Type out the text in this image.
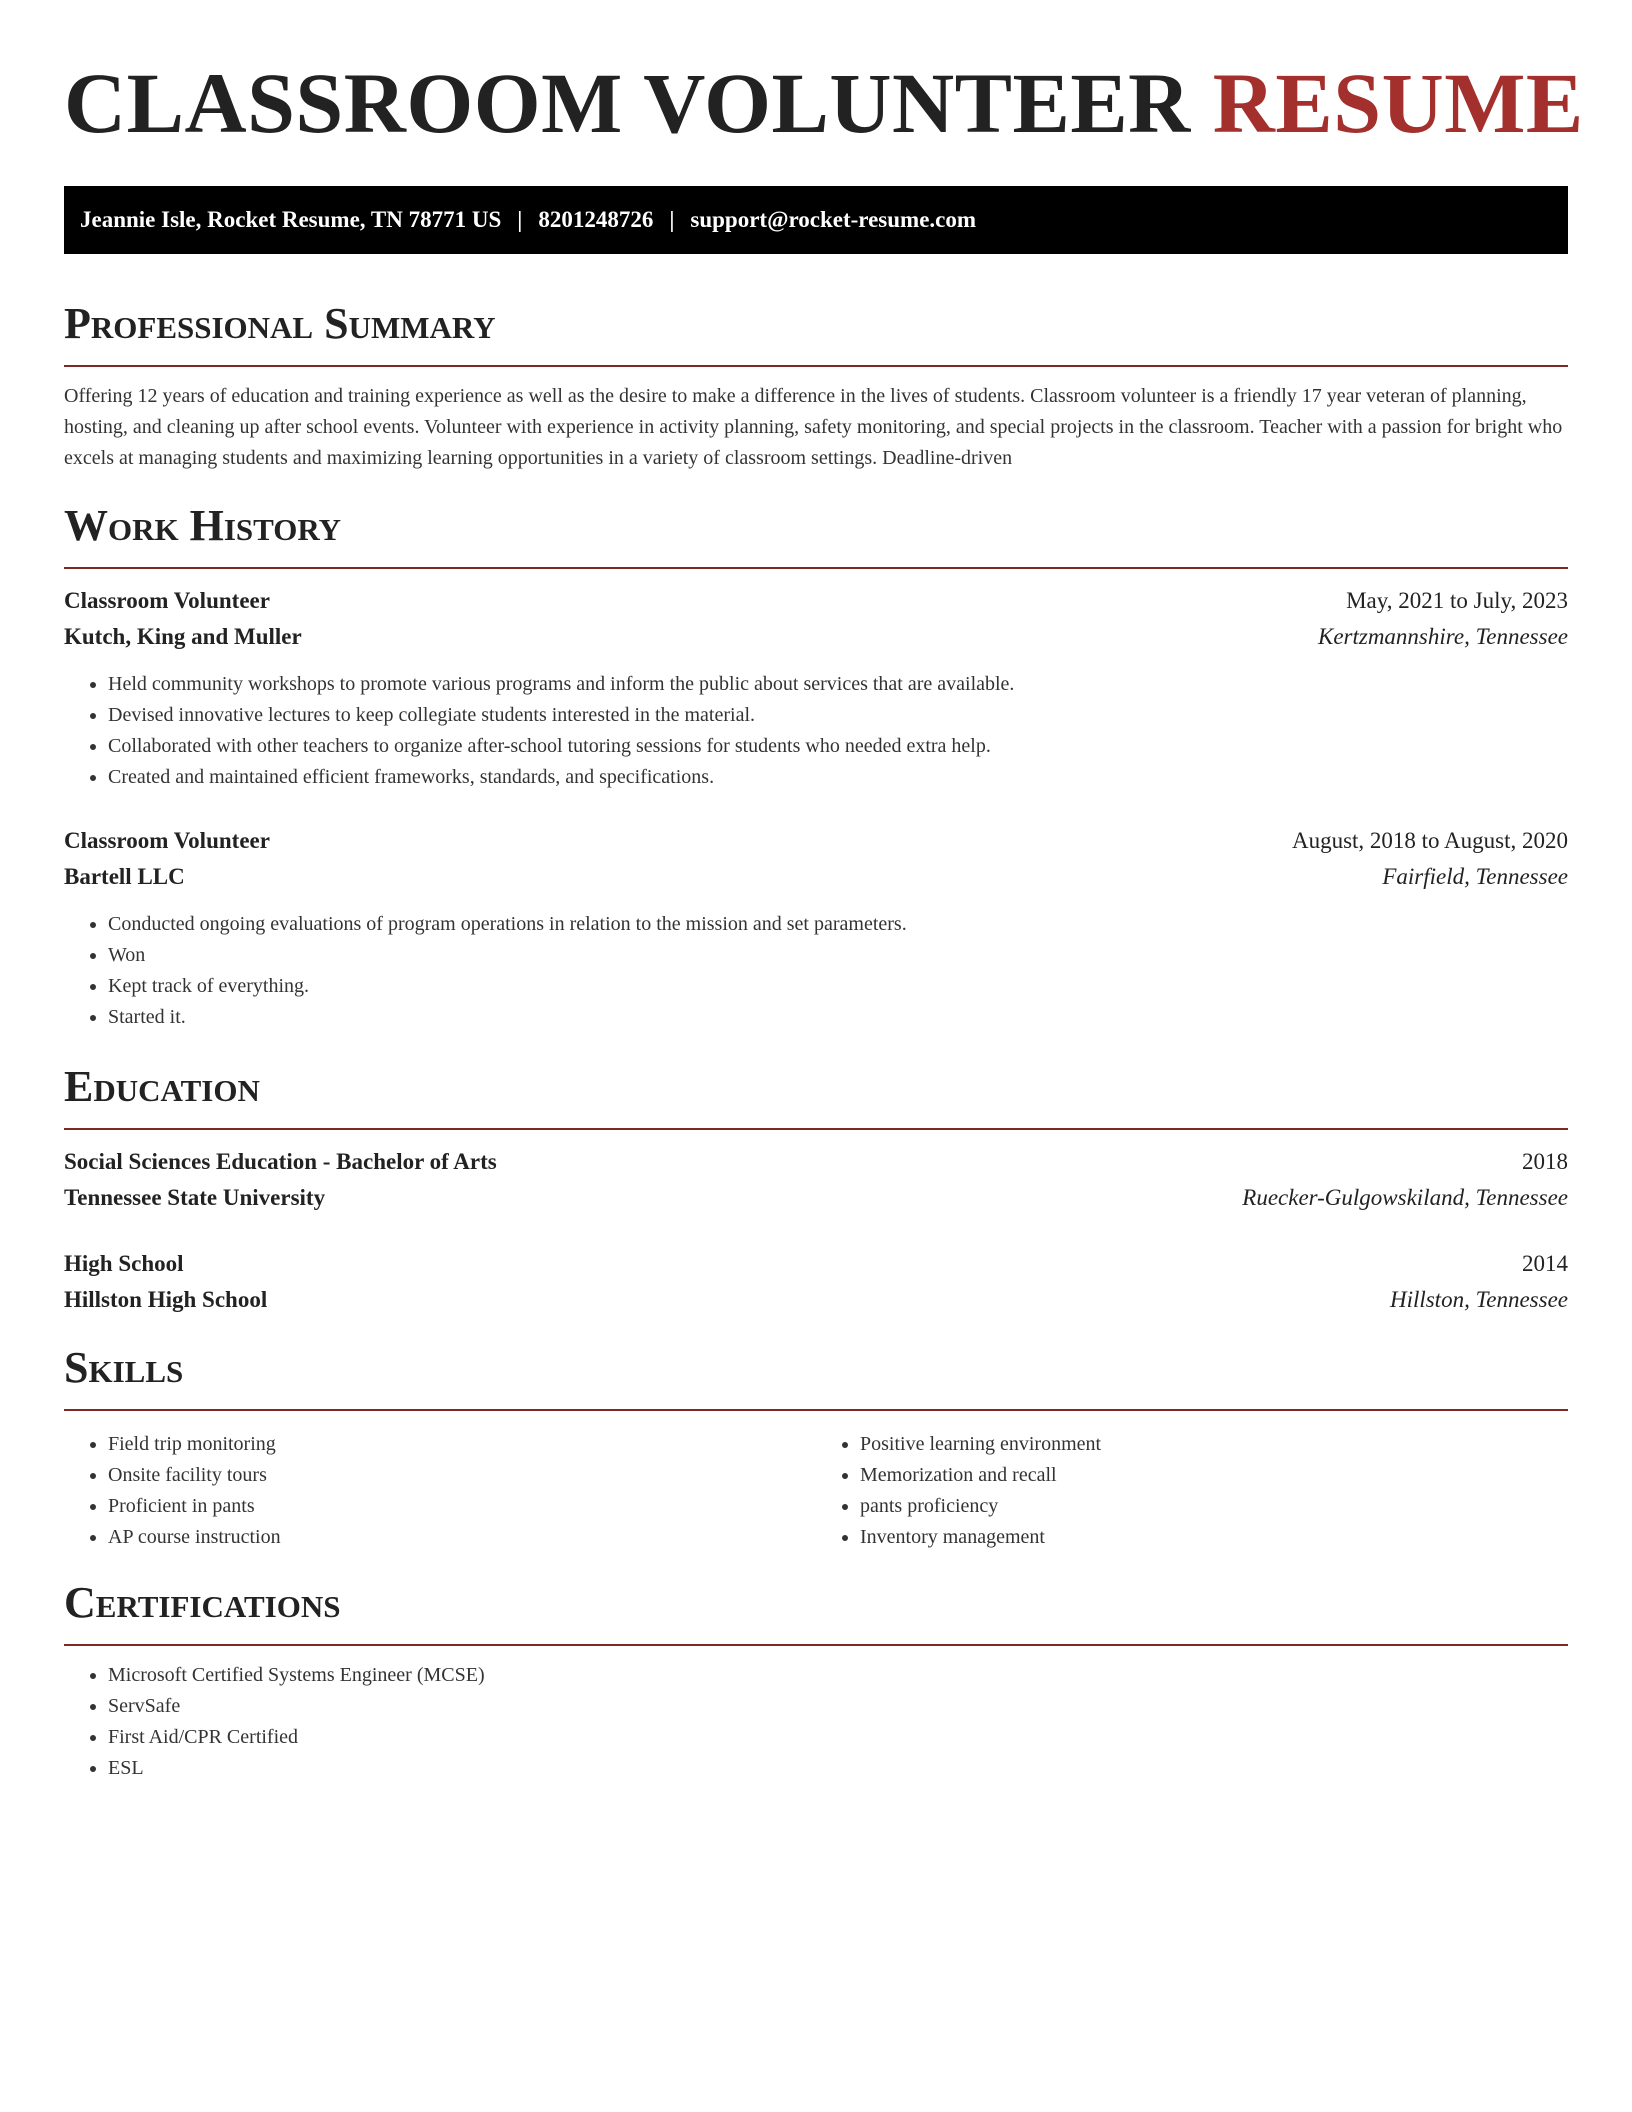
CLASSROOM VOLUNTEER RESUME
Jeannie Isle, Rocket Resume, TN 78771 US | 8201248726 | support@rocket-resume.com
Professional Summary

Offering 12 years of education and training experience as well as the desire to make a difference in the lives of students. Classroom volunteer is a friendly 17 year veteran of planning, hosting, and cleaning up after school events. Volunteer with experience in activity planning, safety monitoring, and special projects in the classroom. Teacher with a passion for bright who excels at managing students and maximizing learning opportunities in a variety of classroom settings. Deadline-driven

Work History
Classroom Volunteer	May, 2021 to July, 2023
Kutch, King and Muller	Kertzmannshire, Tennessee
• Held community workshops to promote various programs and inform the public about services that are available.
• Devised innovative lectures to keep collegiate students interested in the material.
• Collaborated with other teachers to organize after-school tutoring sessions for students who needed extra help.
• Created and maintained efficient frameworks, standards, and specifications.
Classroom Volunteer	August, 2018 to August, 2020
Bartell LLC	Fairfield, Tennessee
• Conducted ongoing evaluations of program operations in relation to the mission and set parameters.
• Won
• Kept track of everything.
• Started it.
Education
Social Sciences Education - Bachelor of Arts	2018
Tennessee State University	Ruecker-Gulgowskiland, Tennessee
High School	2014
Hillston High School	Hillston, Tennessee
Skills
• Field trip monitoring
• Onsite facility tours
• Proficient in pants
• AP course instruction
• Positive learning environment
• Memorization and recall
• pants proficiency
• Inventory management
Certifications
• Microsoft Certified Systems Engineer (MCSE)
• ServSafe
• First Aid/CPR Certified
• ESL
